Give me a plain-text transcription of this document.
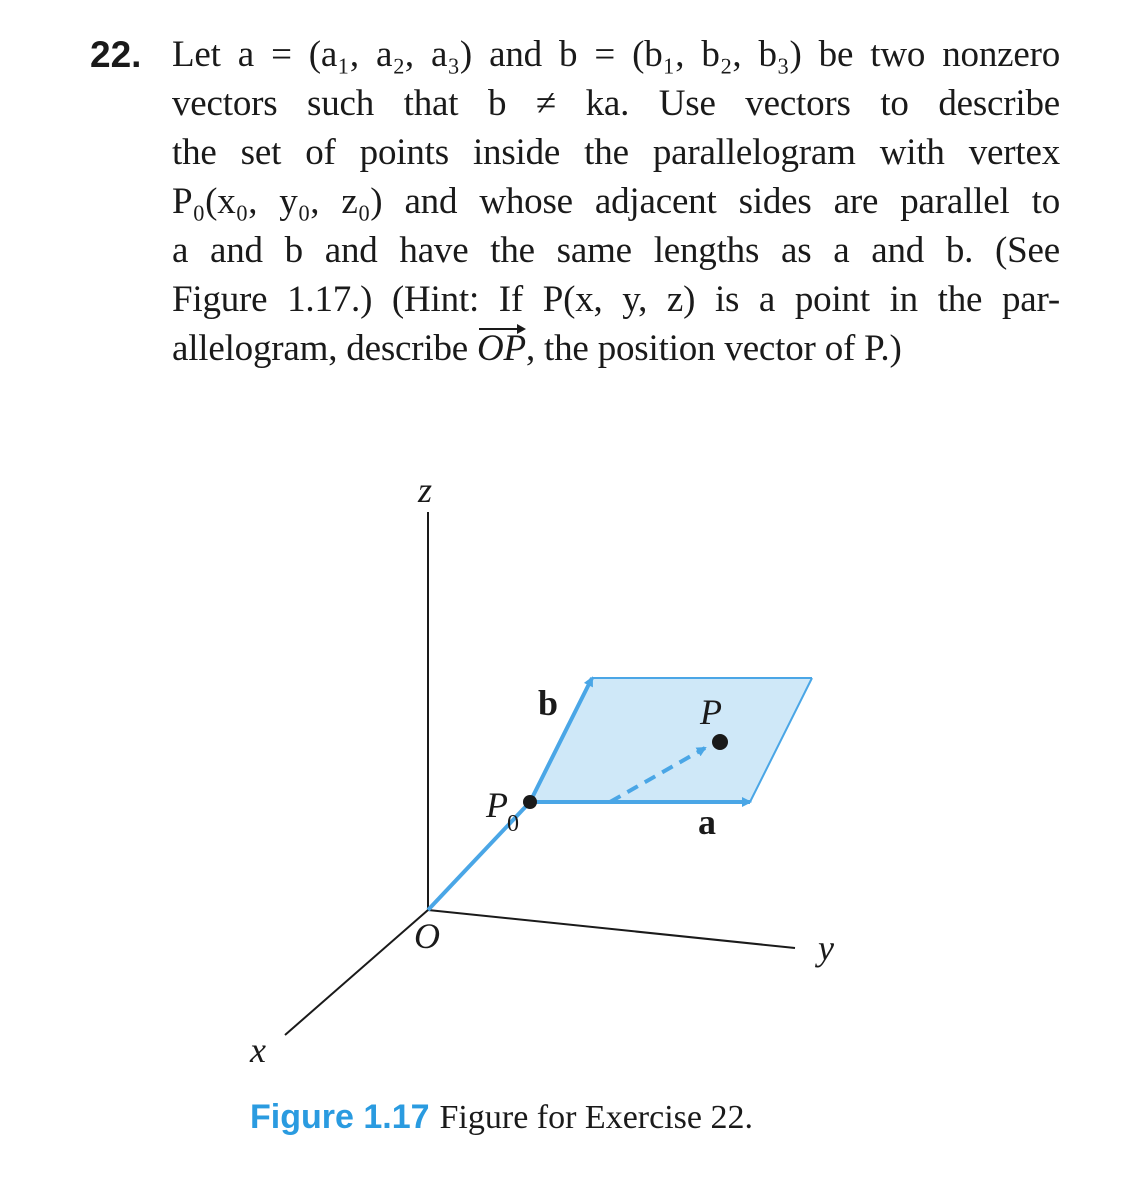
22. Let a = (a₁, a₂, a₃) and b = (b₁, b₂, b₃) be two nonzero
vectors such that b ≠ ka. Use vectors to describe
the set of points inside the parallelogram with vertex
P₀(x₀, y₀, z₀) and whose adjacent sides are parallel to
a and b and have the same lengths as a and b. (See
Figure 1.17.) (Hint: If P(x, y, z) is a point in the par-
allelogram, describe OP, the position vector of P.)
z
y
x
O
P 0
P
b
a
Figure 1.17 Figure for Exercise 22.
